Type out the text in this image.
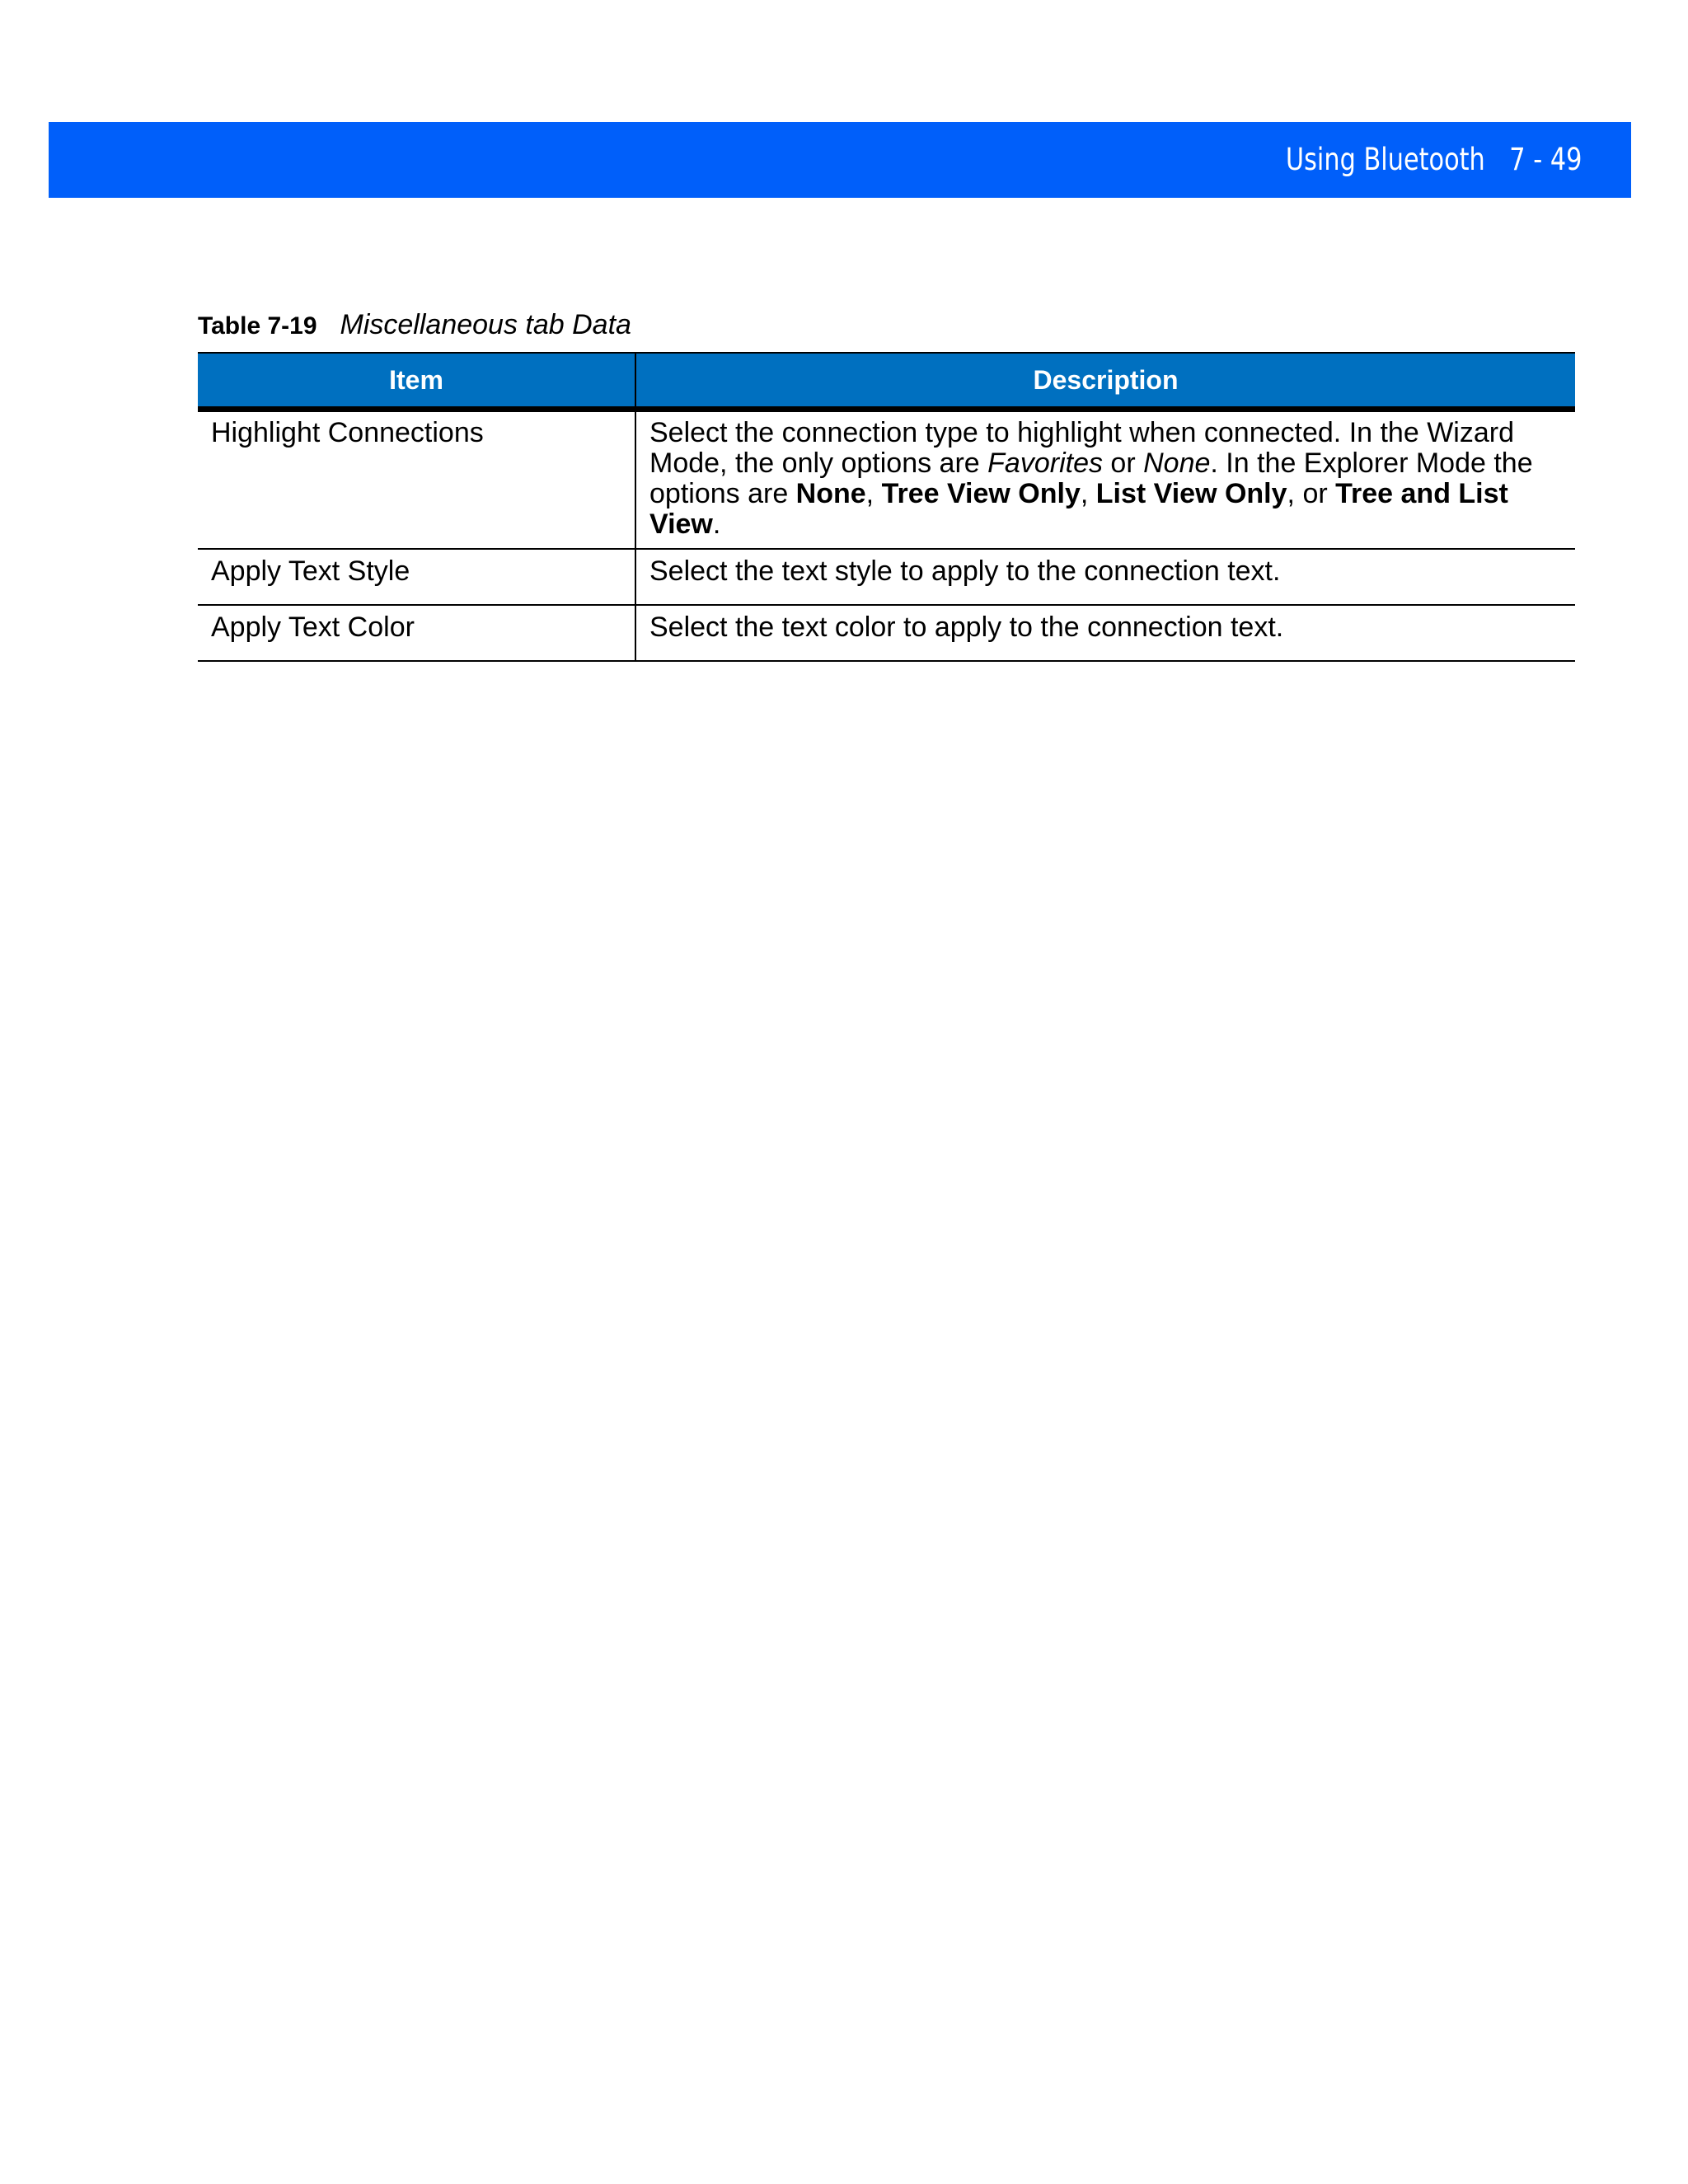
Using Bluetooth 7 - 49
Table 7-19 Miscellaneous tab Data
Item	Description
Highlight Connections	Select the connection type to highlight when connected. In the Wizard Mode, the only options are Favorites or None. In the Explorer Mode the options are None, Tree View Only, List View Only, or Tree and List View.
Apply Text Style	Select the text style to apply to the connection text.
Apply Text Color	Select the text color to apply to the connection text.
